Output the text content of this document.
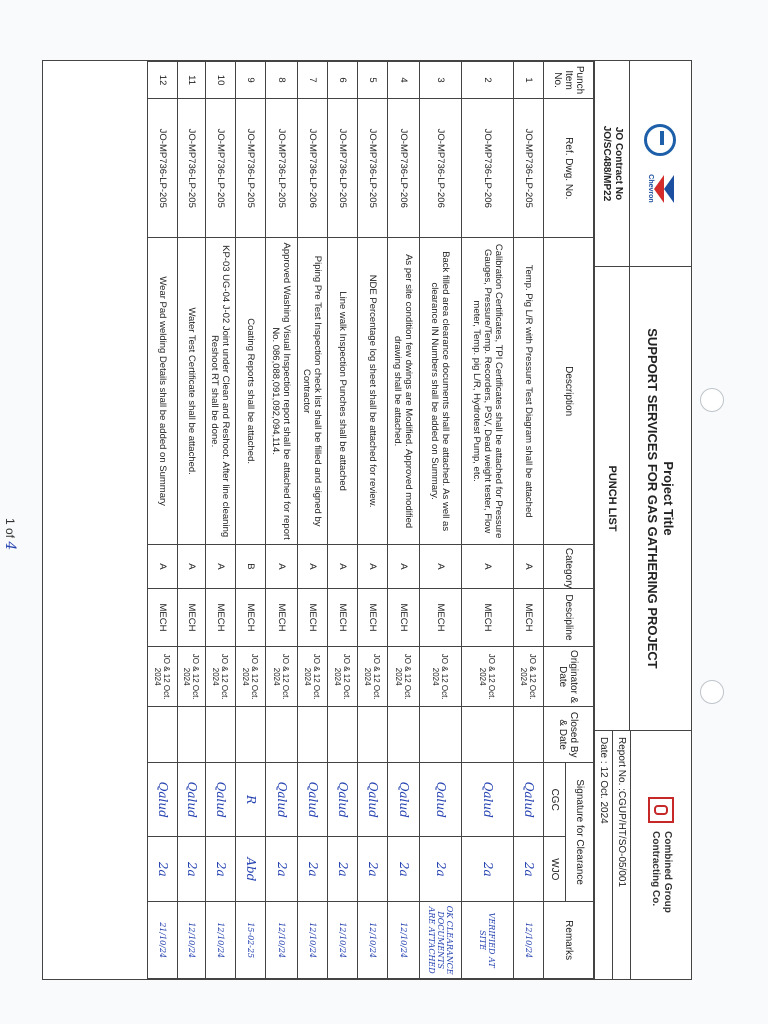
Chevron
JO Contract No
JO/SC488/MP22
Project Title
SUPPORT SERVICES FOR GAS GATHERING PROJECT
PUNCH LIST
Combined Group
Contracting Co.
Report No. :CGUP/HT/SO-05/001
Date : 12 Oct. 2024
Punch Item No.	Ref. Dwg. No.	Description	Category	Descipline	Originator & Date	Closed By & Date	Signature for Clearance		Remarks
							CGC	WJO	
1	JO-MP736-LP-205	Temp. Pig L/R with Pressure Test Diagram shall be attached	A	MECH	JO & 12 Oct. 2024		Qalud	2a	12/10/24
2	JO-MP736-LP-206	Calibration Certificates, TPI Certificates shall be attached for Pressure Gauges, Pressure/Temp. Recorders, PSV, Dead weight tester, Flow meter, Temp. pig L/R, Hydrotest Pump, etc.	A	MECH	JO & 12 Oct. 2024		Qalud	2a	VERIFIED AT SITE
3	JO-MP736-LP-206	Back filled area clearance documents shall be attached. As well as clearance IN Numbers shall be added on Summary.	A	MECH	JO & 12 Oct. 2024		Qalud	2a	OK CLEARANCE DOCUMENTS ARE ATTACHED
4	JO-MP736-LP-206	As per site condition few dwings are Modified. Approved modified drawing shall be attached.	A	MECH	JO & 12 Oct. 2024		Qalud	2a	12/10/24
5	JO-MP736-LP-205	NDE Percentage log sheet shall be attached for review.	A	MECH	JO & 12 Oct. 2024		Qalud	2a	12/10/24
6	JO-MP736-LP-205	Line walk Inspection Punches shall be attached	A	MECH	JO & 12 Oct. 2024		Qalud	2a	12/10/24
7	JO-MP736-LP-206	Piping Pre Test Inspection check list shall be filled and signed by Contractor	A	MECH	JO & 12 Oct. 2024		Qalud	2a	12/10/24
8	JO-MP736-LP-205	Approved Washing Visual Inspection report shall be attached for report No. 086,088,091,092,094,114.	A	MECH	JO & 12 Oct. 2024		Qalud	2a	12/10/24
9	JO-MP736-LP-205	Coating Reports shall be attached.	B	MECH	JO & 12 Oct. 2024		R	Abd	15-02-25
10	JO-MP736-LP-205	KP-03 UG-04 J-02 Joint under Clean and Reshoot. After line cleaning Reshoot RT shall be done.	A	MECH	JO & 12 Oct. 2024		Qalud	2a	12/10/24
11	JO-MP736-LP-205	Water Test Certificate shall be attached.	A	MECH	JO & 12 Oct. 2024		Qalud	2a	12/10/24
12	JO-MP736-LP-205	Wear Pad welding Details shall be added on Summary	A	MECH	JO & 12 Oct. 2024		Qalud	2a	21/10/24
1 of 4
